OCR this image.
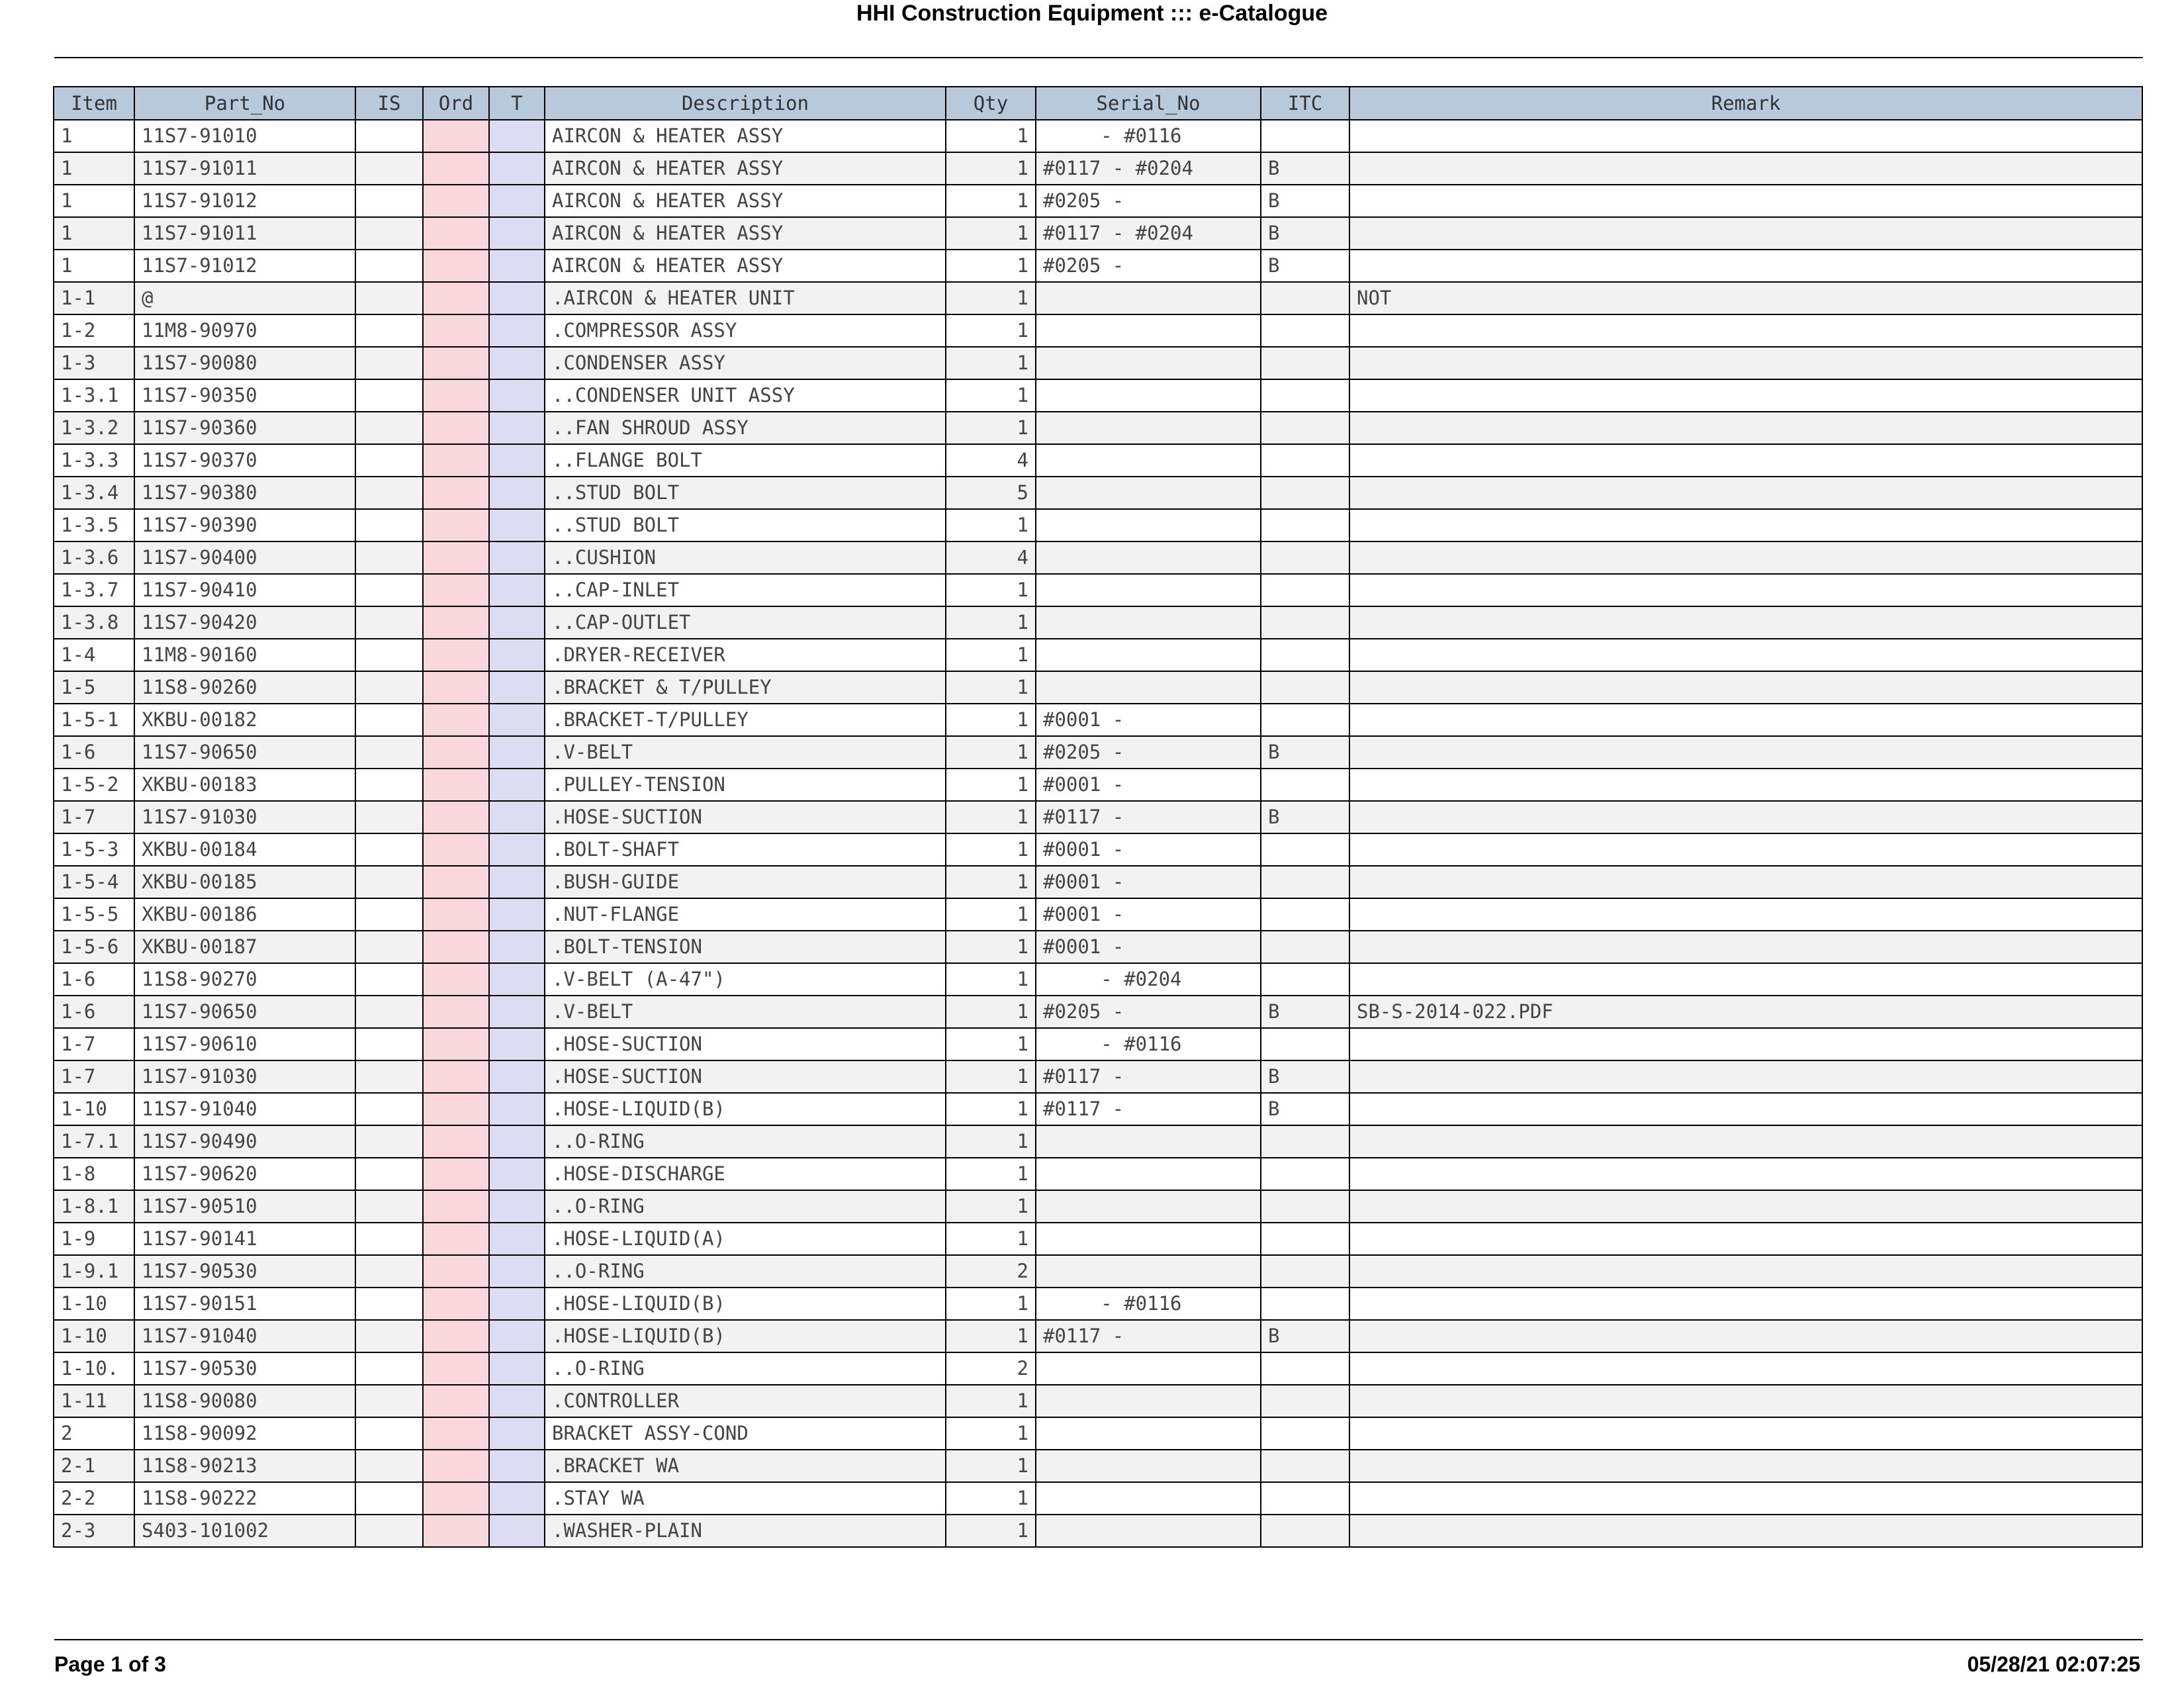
HHI Construction Equipment ::: e-Catalogue
Item	Part_No	IS	Ord	T	Description	Qty	Serial_No	ITC	Remark
1	11S7-91010				AIRCON & HEATER ASSY	1	- #0116		
1	11S7-91011				AIRCON & HEATER ASSY	1	#0117 - #0204	B	
1	11S7-91012				AIRCON & HEATER ASSY	1	#0205 -	B	
1	11S7-91011				AIRCON & HEATER ASSY	1	#0117 - #0204	B	
1	11S7-91012				AIRCON & HEATER ASSY	1	#0205 -	B	
1-1	@				.AIRCON & HEATER UNIT	1			NOT
1-2	11M8-90970				.COMPRESSOR ASSY	1			
1-3	11S7-90080				.CONDENSER ASSY	1			
1-3.1	11S7-90350				..CONDENSER UNIT ASSY	1			
1-3.2	11S7-90360				..FAN SHROUD ASSY	1			
1-3.3	11S7-90370				..FLANGE BOLT	4			
1-3.4	11S7-90380				..STUD BOLT	5			
1-3.5	11S7-90390				..STUD BOLT	1			
1-3.6	11S7-90400				..CUSHION	4			
1-3.7	11S7-90410				..CAP-INLET	1			
1-3.8	11S7-90420				..CAP-OUTLET	1			
1-4	11M8-90160				.DRYER-RECEIVER	1			
1-5	11S8-90260				.BRACKET & T/PULLEY	1			
1-5-1	XKBU-00182				.BRACKET-T/PULLEY	1	#0001 -		
1-6	11S7-90650				.V-BELT	1	#0205 -	B	
1-5-2	XKBU-00183				.PULLEY-TENSION	1	#0001 -		
1-7	11S7-91030				.HOSE-SUCTION	1	#0117 -	B	
1-5-3	XKBU-00184				.BOLT-SHAFT	1	#0001 -		
1-5-4	XKBU-00185				.BUSH-GUIDE	1	#0001 -		
1-5-5	XKBU-00186				.NUT-FLANGE	1	#0001 -		
1-5-6	XKBU-00187				.BOLT-TENSION	1	#0001 -		
1-6	11S8-90270				.V-BELT (A-47")	1	- #0204		
1-6	11S7-90650				.V-BELT	1	#0205 -	B	SB-S-2014-022.PDF
1-7	11S7-90610				.HOSE-SUCTION	1	- #0116		
1-7	11S7-91030				.HOSE-SUCTION	1	#0117 -	B	
1-10	11S7-91040				.HOSE-LIQUID(B)	1	#0117 -	B	
1-7.1	11S7-90490				..O-RING	1			
1-8	11S7-90620				.HOSE-DISCHARGE	1			
1-8.1	11S7-90510				..O-RING	1			
1-9	11S7-90141				.HOSE-LIQUID(A)	1			
1-9.1	11S7-90530				..O-RING	2			
1-10	11S7-90151				.HOSE-LIQUID(B)	1	- #0116		
1-10	11S7-91040				.HOSE-LIQUID(B)	1	#0117 -	B	
1-10.	11S7-90530				..O-RING	2			
1-11	11S8-90080				.CONTROLLER	1			
2	11S8-90092				BRACKET ASSY-COND	1			
2-1	11S8-90213				.BRACKET WA	1			
2-2	11S8-90222				.STAY WA	1			
2-3	S403-101002				.WASHER-PLAIN	1			
Page 1 of 3	05/28/21 02:07:25
